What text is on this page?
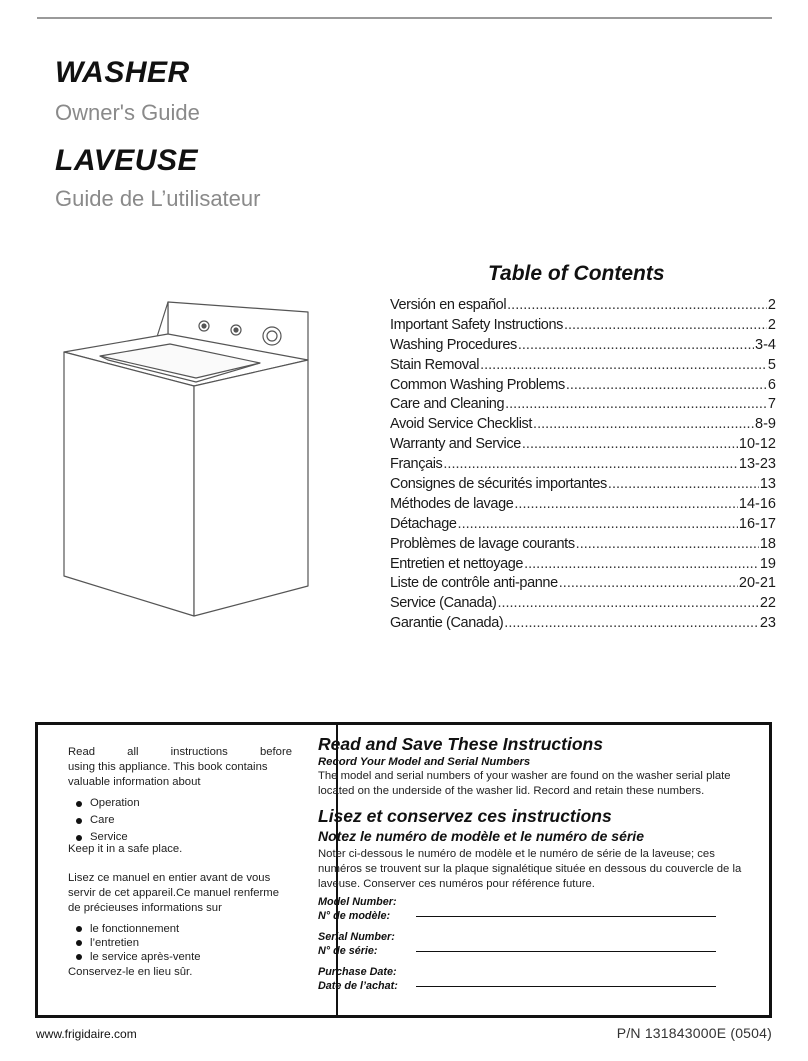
WASHER
Owner's Guide
LAVEUSE
Guide de L’utilisateur
Table of Contents
Versión en español .....	2
Important Safety Instructions .....	2
Washing Procedures .....	3-4
Stain Removal .....	5
Common Washing Problems .....	6
Care and Cleaning .....	7
Avoid Service Checklist .....	8-9
Warranty and Service .....	10-12
Français .....	13-23
Consignes de sécurités importantes .....	13
Méthodes de lavage .....	14-16
Détachage .....	16-17
Problèmes de lavage courants .....	18
Entretien et nettoyage .....	19
Liste de contrôle anti-panne .....	20-21
Service (Canada) .....	22
Garantie (Canada) .....	23

Read all instructions before

using this appliance. This book contains valuable information about

Operation
Care
Service

Keep it in a safe place.

Lisez ce manuel en entier avant de vous servir de cet appareil.Ce manuel renferme de précieuses informations sur

le fonctionnement
l’entretien
le service après-vente

Conservez-le en lieu sûr.

Read and Save These Instructions

Record Your Model and Serial Numbers

The model and serial numbers of your washer are found on the washer serial plate located on the underside of the washer lid. Record and retain these numbers.

Lisez et conservez ces instructions

Notez le numéro de modèle et le numéro de série

Noter ci-dessous le numéro de modèle et le numéro de série de la laveuse; ces numéros se trouvent sur la plaque signalétique située en dessous du couvercle de la laveuse. Conserver ces numéros pour référence future.

Model Number:
N° de modèle:
Serial Number:
N° de série:
Purchase Date:
Date de l’achat:
www.frigidaire.com	P/N 131843000E (0504)
